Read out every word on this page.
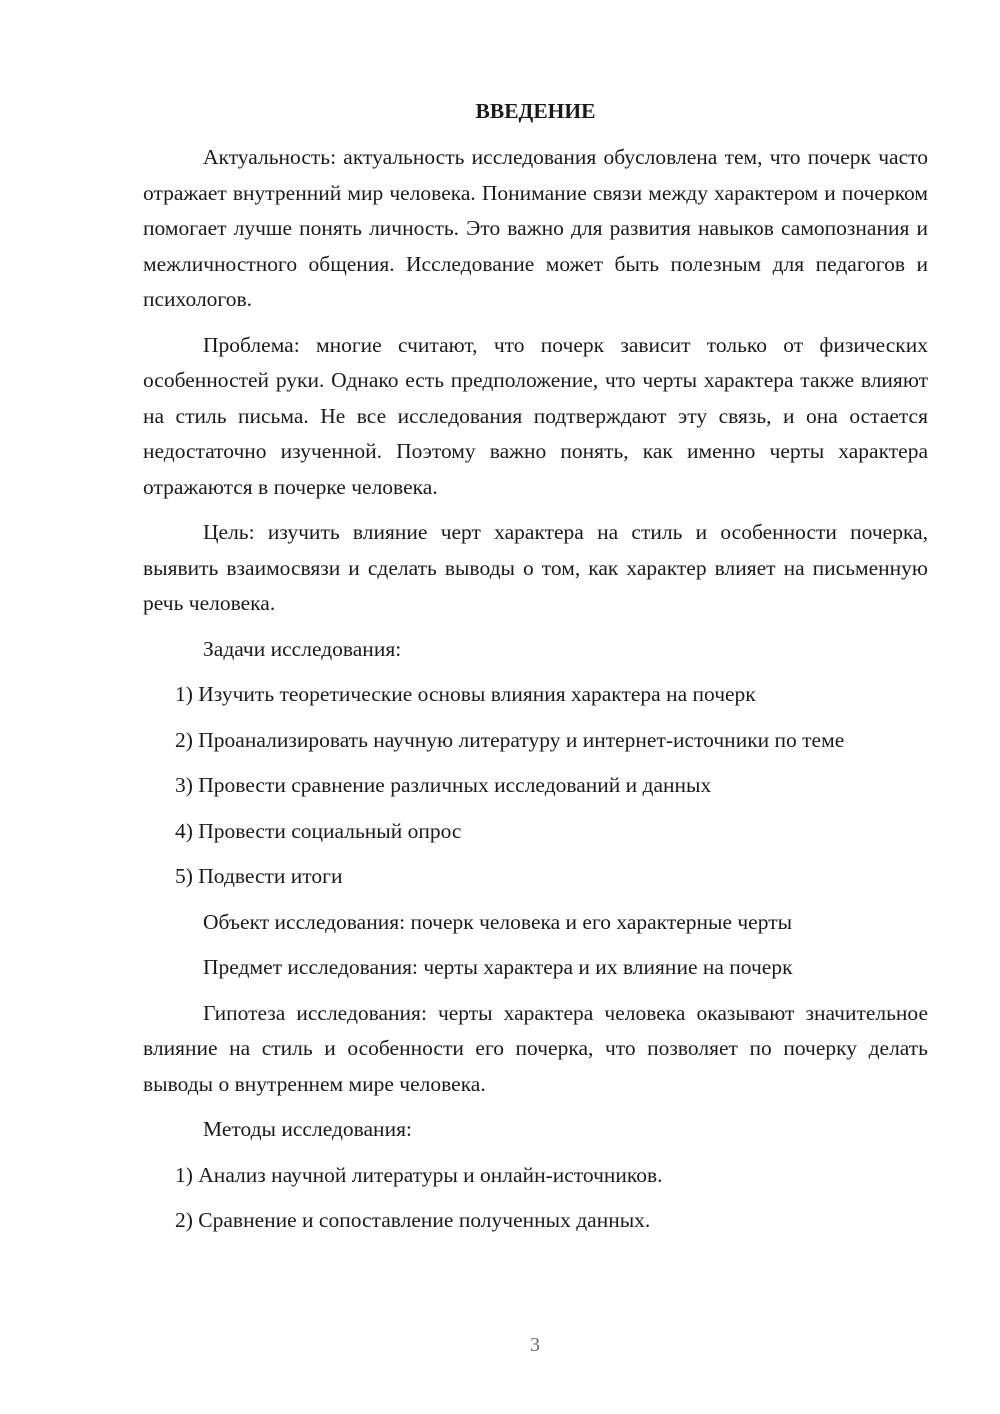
ВВЕДЕНИЕ

Актуальность: актуальность исследования обусловлена тем, что почерк часто отражает внутренний мир человека. Понимание связи между характером и почерком помогает лучше понять личность. Это важно для развития навыков самопознания и межличностного общения. Исследование может быть полезным для педагогов и психологов.

Проблема: многие считают, что почерк зависит только от физических особенностей руки. Однако есть предположение, что черты характера также влияют на стиль письма. Не все исследования подтверждают эту связь, и она остается недостаточно изученной. Поэтому важно понять, как именно черты характера отражаются в почерке человека.

Цель: изучить влияние черт характера на стиль и особенности почерка, выявить взаимосвязи и сделать выводы о том, как характер влияет на письменную речь человека.

Задачи исследования:

1) Изучить теоретические основы влияния характера на почерк
2) Проанализировать научную литературу и интернет-источники по теме
3) Провести сравнение различных исследований и данных
4) Провести социальный опрос
5) Подвести итоги

Объект исследования: почерк человека и его характерные черты

Предмет исследования: черты характера и их влияние на почерк

Гипотеза исследования: черты характера человека оказывают значительное влияние на стиль и особенности его почерка, что позволяет по почерку делать выводы о внутреннем мире человека.

Методы исследования:

1) Анализ научной литературы и онлайн-источников.
2) Сравнение и сопоставление полученных данных.
3
